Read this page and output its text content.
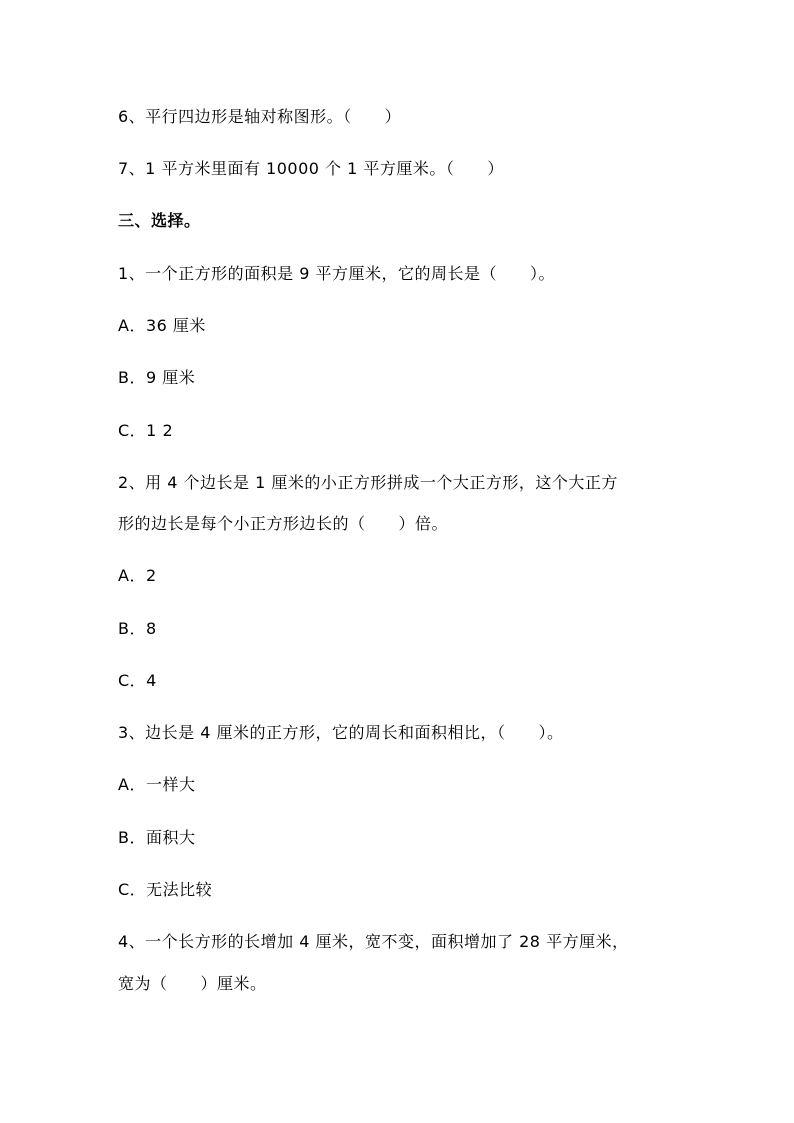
6、平行四边形是轴对称图形。（　　）

7、1 平方米里面有 10000 个 1 平方厘米。（　　）

三、选择。

1、一个正方形的面积是 9 平方厘米，它的周长是（　　）。

A．36 厘米

B．9 厘米

C．1 2

2、用 4 个边长是 1 厘米的小正方形拼成一个大正方形，这个大正方

形的边长是每个小正方形边长的（　　）倍。

A．2

B．8

C．4

3、边长是 4 厘米的正方形，它的周长和面积相比，（　　）。

A．一样大

B．面积大

C．无法比较

4、一个长方形的长增加 4 厘米，宽不变，面积增加了 28 平方厘米，

宽为（　　）厘米。
